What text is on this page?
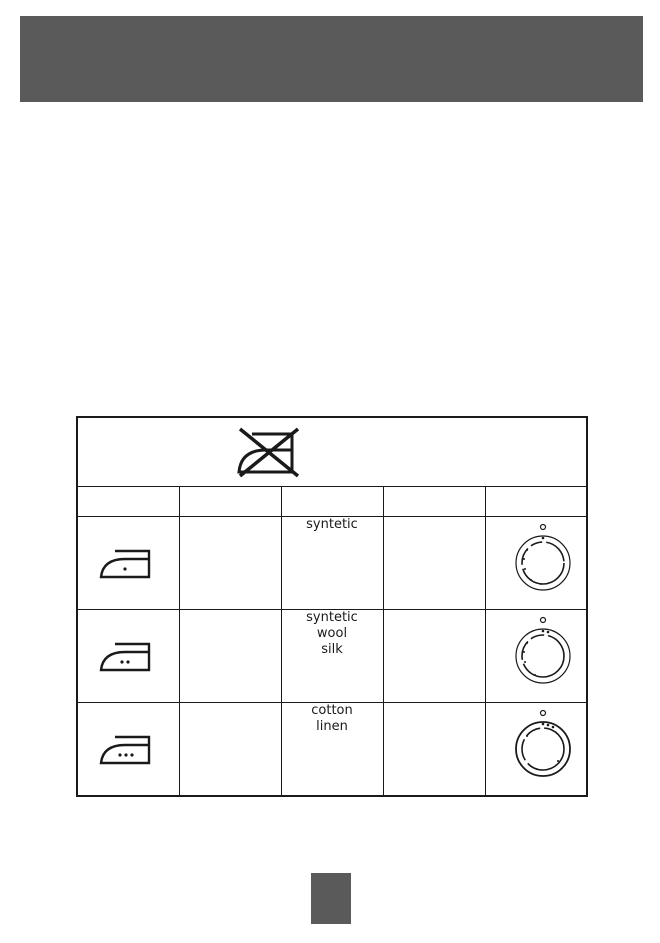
syntetic

syntetic
wool
silk

cotton
linen
